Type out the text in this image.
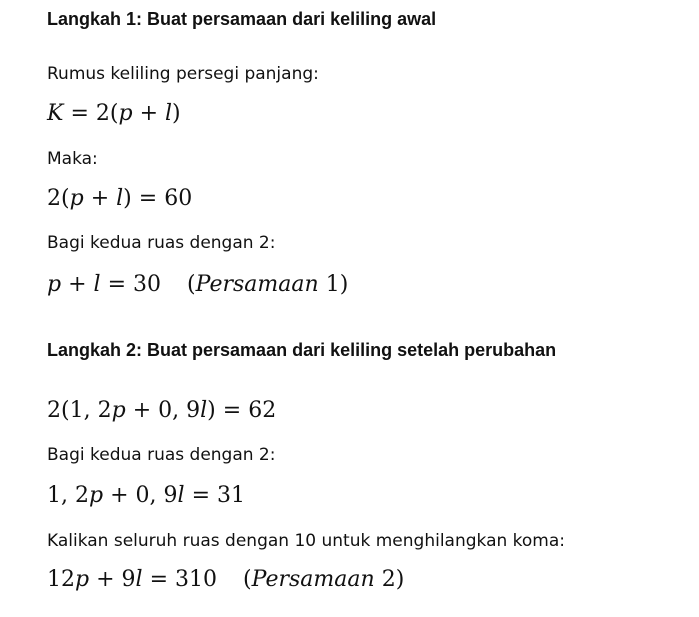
Langkah 1: Buat persamaan dari keliling awal
Rumus keliling persegi panjang:
K = 2(p + l)
Maka:
2(p + l) = 60
Bagi kedua ruas dengan 2:
p + l = 30 (Persamaan 1)
Langkah 2: Buat persamaan dari keliling setelah perubahan
2(1, 2p + 0, 9l) = 62
Bagi kedua ruas dengan 2:
1, 2p + 0, 9l = 31
Kalikan seluruh ruas dengan 10 untuk menghilangkan koma:
12p + 9l = 310 (Persamaan 2)
